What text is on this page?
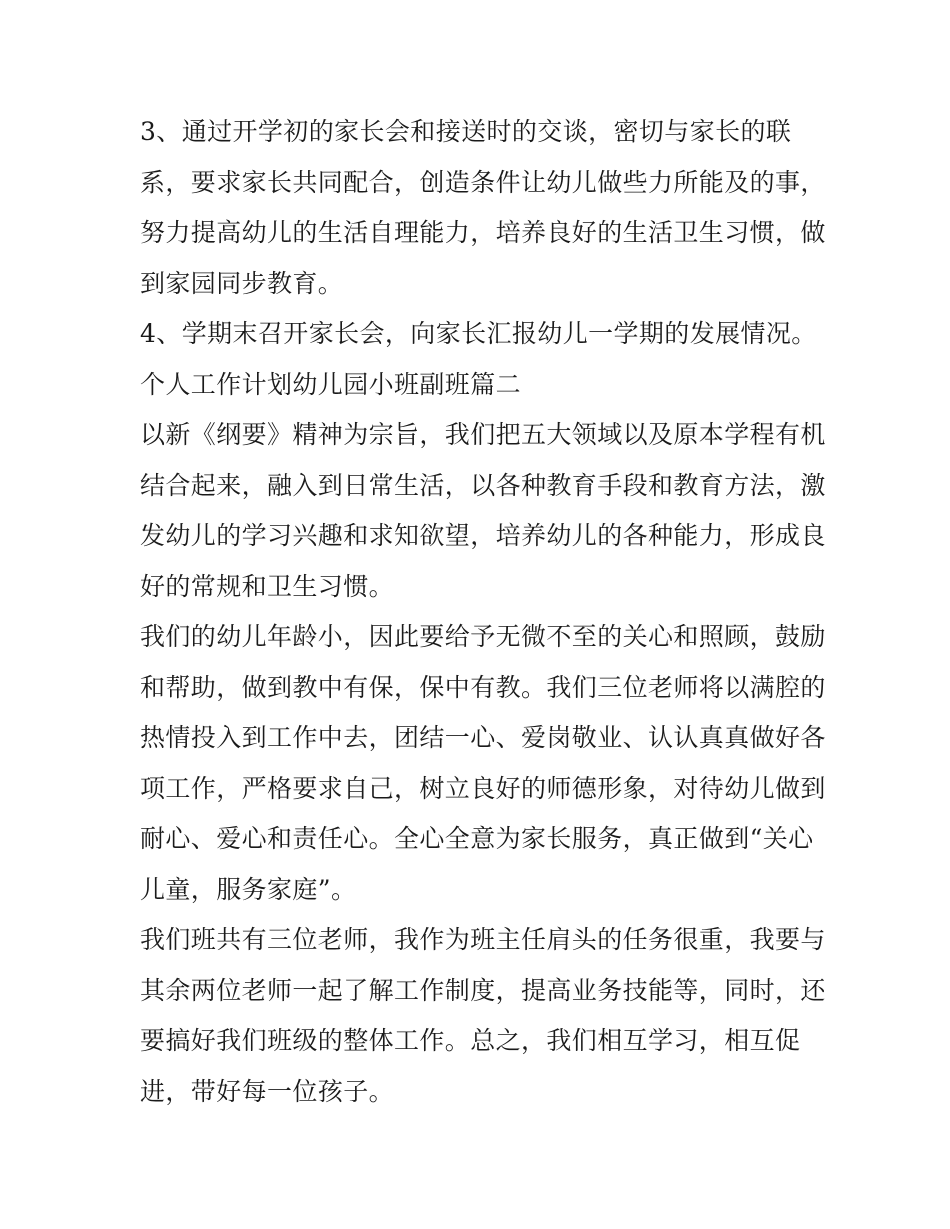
3、通过开学初的家长会和接送时的交谈，密切与家长的联
系，要求家长共同配合，创造条件让幼儿做些力所能及的事，
努力提高幼儿的生活自理能力，培养良好的生活卫生习惯，做
到家园同步教育。
4、学期末召开家长会，向家长汇报幼儿一学期的发展情况。
个人工作计划幼儿园小班副班篇二
以新《纲要》精神为宗旨，我们把五大领域以及原本学程有机
结合起来，融入到日常生活，以各种教育手段和教育方法，激
发幼儿的学习兴趣和求知欲望，培养幼儿的各种能力，形成良
好的常规和卫生习惯。
我们的幼儿年龄小，因此要给予无微不至的关心和照顾，鼓励
和帮助，做到教中有保，保中有教。我们三位老师将以满腔的
热情投入到工作中去，团结一心、爱岗敬业、认认真真做好各
项工作，严格要求自己，树立良好的师德形象，对待幼儿做到
耐心、爱心和责任心。全心全意为家长服务，真正做到“关心
儿童，服务家庭”。
我们班共有三位老师，我作为班主任肩头的任务很重，我要与
其余两位老师一起了解工作制度，提高业务技能等，同时，还
要搞好我们班级的整体工作。总之，我们相互学习，相互促
进，带好每一位孩子。
